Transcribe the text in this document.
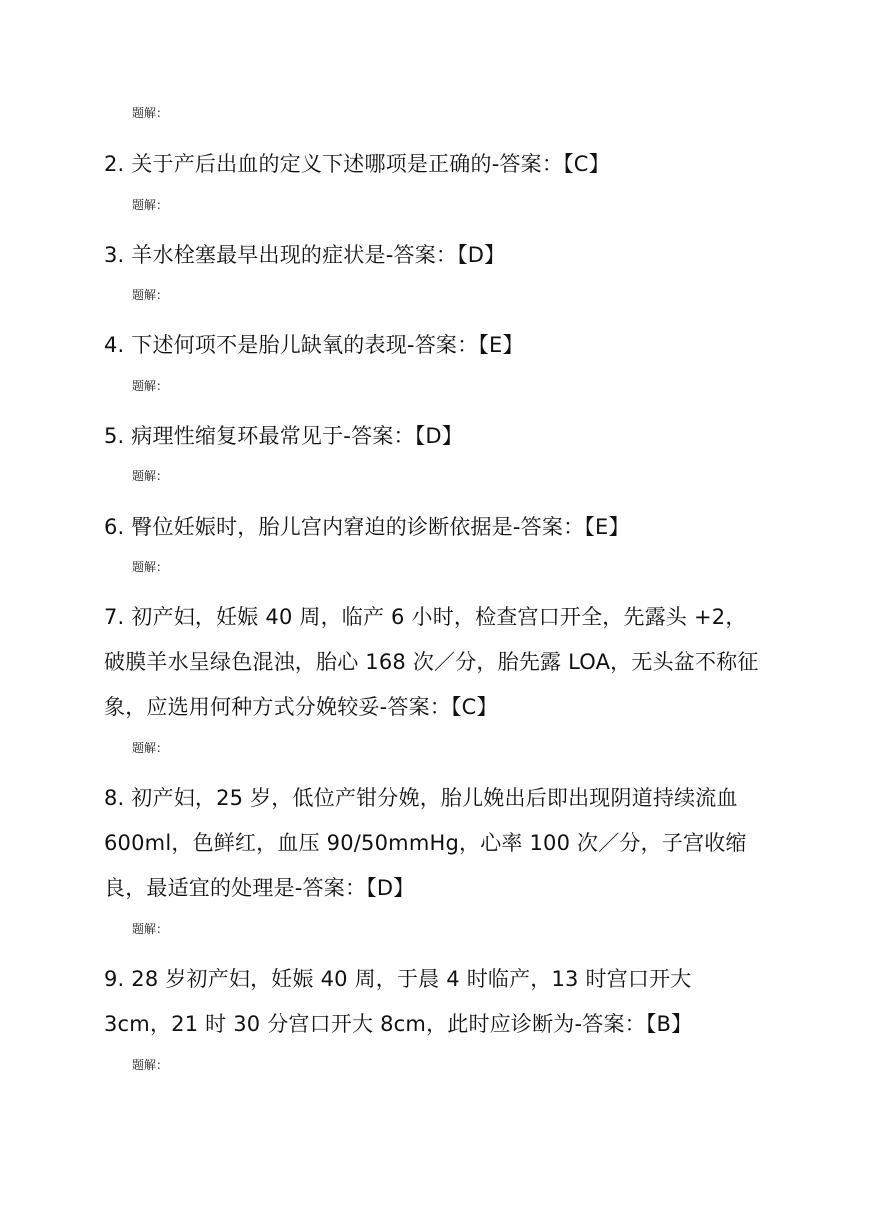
题解：
2. 关于产后出血的定义下述哪项是正确的-答案：【C】
题解：
3. 羊水栓塞最早出现的症状是-答案：【D】
题解：
4. 下述何项不是胎儿缺氧的表现-答案：【E】
题解：
5. 病理性缩复环最常见于-答案：【D】
题解：
6. 臀位妊娠时，胎儿宫内窘迫的诊断依据是-答案：【E】
题解：
7. 初产妇，妊娠 40 周，临产 6 小时，检查宫口开全，先露头 +2，破膜羊水呈绿色混浊，胎心 168 次／分，胎先露 LOA，无头盆不称征象，应选用何种方式分娩较妥-答案：【C】
题解：
8. 初产妇，25 岁，低位产钳分娩，胎儿娩出后即出现阴道持续流血 600ml，色鲜红，血压 90/50mmHg，心率 100 次／分，子宫收缩良，最适宜的处理是-答案：【D】
题解：
9. 28 岁初产妇，妊娠 40 周，于晨 4 时临产，13 时宫口开大 3cm，21 时 30 分宫口开大 8cm，此时应诊断为-答案：【B】
题解：
